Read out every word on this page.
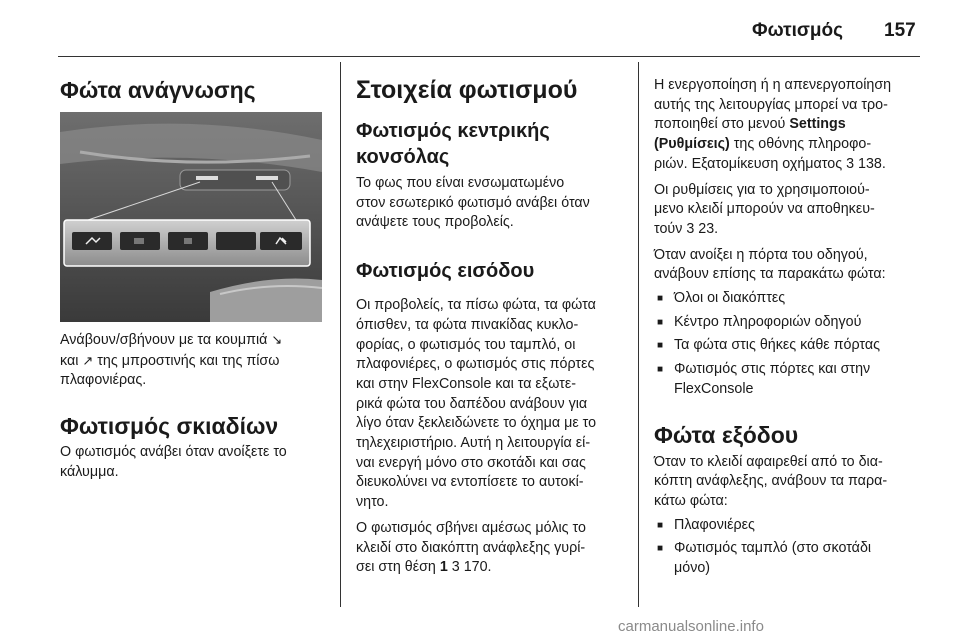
Φωτισμός 157
Φώτα ανάγνωσης

Ανάβουν/σβήνουν με τα κουμπιά ↘
και ↗ της μπροστινής και της πίσω
πλαφονιέρας.

Φωτισμός σκιαδίων

Ο φωτισμός ανάβει όταν ανοίξετε το
κάλυμμα.

Στοιχεία φωτισμού
Φωτισμός κεντρικής
κονσόλας

Το φως που είναι ενσωματωμένο
στον εσωτερικό φωτισμό ανάβει όταν
ανάψετε τους προβολείς.

Φωτισμός εισόδου

Οι προβολείς, τα πίσω φώτα, τα φώτα
όπισθεν, τα φώτα πινακίδας κυκλο-
φορίας, ο φωτισμός του ταμπλό, οι
πλαφονιέρες, ο φωτισμός στις πόρτες
και στην FlexConsole και τα εξωτε-
ρικά φώτα του δαπέδου ανάβουν για
λίγο όταν ξεκλειδώνετε το όχημα με το
τηλεχειριστήριο. Αυτή η λειτουργία εί-
ναι ενεργή μόνο στο σκοτάδι και σας
διευκολύνει να εντοπίσετε το αυτοκί-
νητο.

Ο φωτισμός σβήνει αμέσως μόλις το
κλειδί στο διακόπτη ανάφλεξης γυρί-
σει στη θέση 1 3 170.

Η ενεργοποίηση ή η απενεργοποίηση
αυτής της λειτουργίας μπορεί να τρο-
ποποιηθεί στο μενού Settings
(Ρυθμίσεις) της οθόνης πληροφο-
ριών. Εξατομίκευση οχήματος 3 138.

Οι ρυθμίσεις για το χρησιμοποιού-
μενο κλειδί μπορούν να αποθηκευ-
τούν 3 23.

Όταν ανοίξει η πόρτα του οδηγού,
ανάβουν επίσης τα παρακάτω φώτα:

■ Όλοι οι διακόπτες
■ Κέντρο πληροφοριών οδηγού
■ Τα φώτα στις θήκες κάθε πόρτας
■ Φωτισμός στις πόρτες και στην
FlexConsole
Φώτα εξόδου

Όταν το κλειδί αφαιρεθεί από το δια-
κόπτη ανάφλεξης, ανάβουν τα παρα-
κάτω φώτα:

■ Πλαφονιέρες
■ Φωτισμός ταμπλό (στο σκοτάδι
μόνο)
carmanualsonline.info
